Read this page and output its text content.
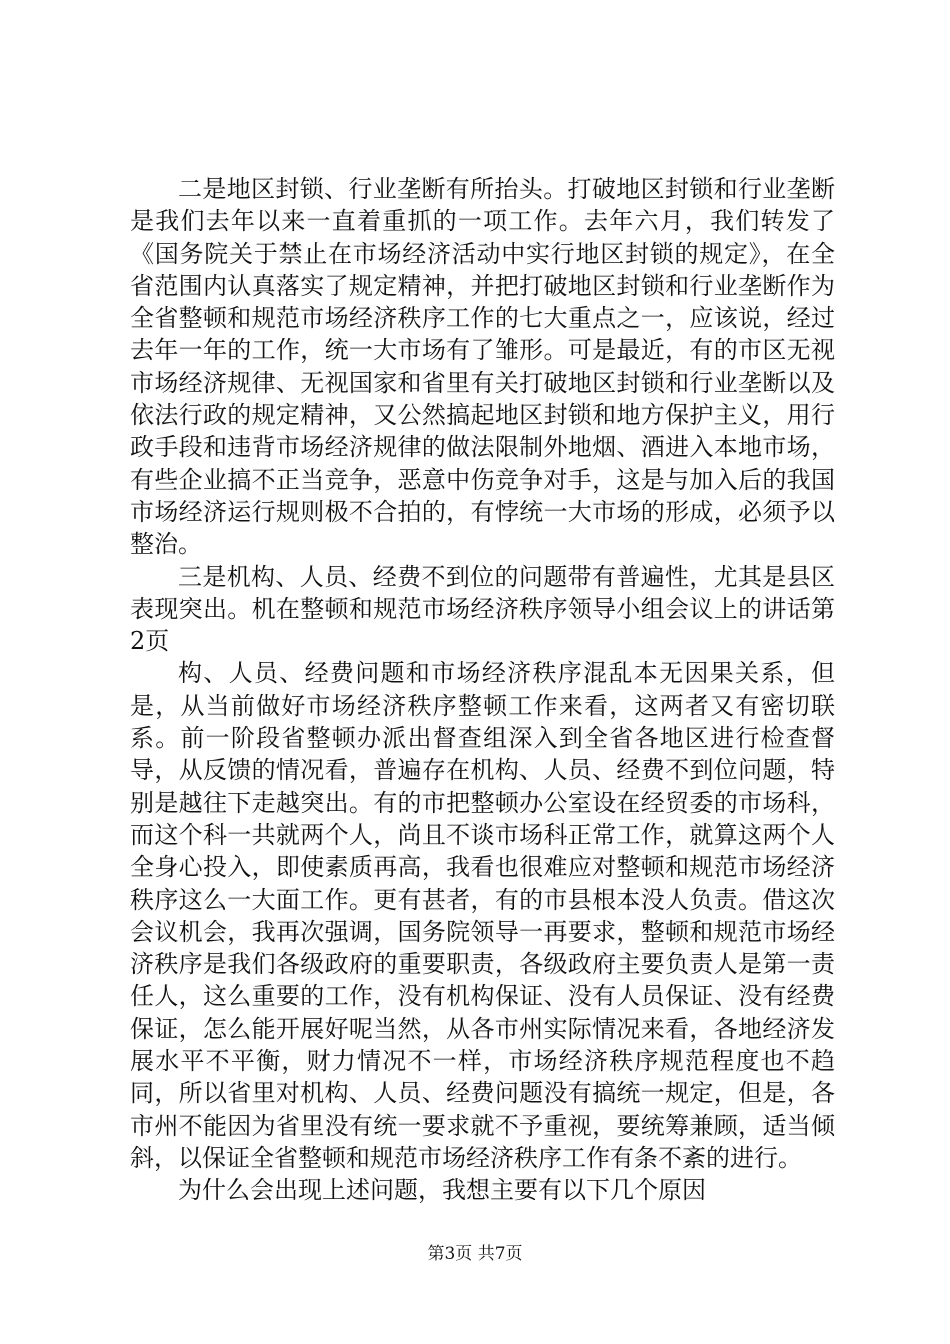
二是地区封锁、行业垄断有所抬头。打破地区封锁和行业垄断是我们去年以来一直着重抓的一项工作。去年六月，我们转发了《国务院关于禁止在市场经济活动中实行地区封锁的规定》，在全省范围内认真落实了规定精神，并把打破地区封锁和行业垄断作为全省整顿和规范市场经济秩序工作的七大重点之一，应该说，经过去年一年的工作，统一大市场有了雏形。可是最近，有的市区无视市场经济规律、无视国家和省里有关打破地区封锁和行业垄断以及依法行政的规定精神，又公然搞起地区封锁和地方保护主义，用行政手段和违背市场经济规律的做法限制外地烟、酒进入本地市场，有些企业搞不正当竞争，恶意中伤竞争对手，这是与加入后的我国市场经济运行规则极不合拍的，有悖统一大市场的形成，必须予以整治。

三是机构、人员、经费不到位的问题带有普遍性，尤其是县区表现突出。机在整顿和规范市场经济秩序领导小组会议上的讲话第2页

构、人员、经费问题和市场经济秩序混乱本无因果关系，但是，从当前做好市场经济秩序整顿工作来看，这两者又有密切联系。前一阶段省整顿办派出督查组深入到全省各地区进行检查督导，从反馈的情况看，普遍存在机构、人员、经费不到位问题，特别是越往下走越突出。有的市把整顿办公室设在经贸委的市场科，而这个科一共就两个人，尚且不谈市场科正常工作，就算这两个人全身心投入，即使素质再高，我看也很难应对整顿和规范市场经济秩序这么一大面工作。更有甚者，有的市县根本没人负责。借这次会议机会，我再次强调，国务院领导一再要求，整顿和规范市场经济秩序是我们各级政府的重要职责，各级政府主要负责人是第一责任人，这么重要的工作，没有机构保证、没有人员保证、没有经费保证，怎么能开展好呢当然，从各市州实际情况来看，各地经济发展水平不平衡，财力情况不一样，市场经济秩序规范程度也不趋同，所以省里对机构、人员、经费问题没有搞统一规定，但是，各市州不能因为省里没有统一要求就不予重视，要统筹兼顾，适当倾斜，以保证全省整顿和规范市场经济秩序工作有条不紊的进行。

为什么会出现上述问题，我想主要有以下几个原因

第3页 共7页
